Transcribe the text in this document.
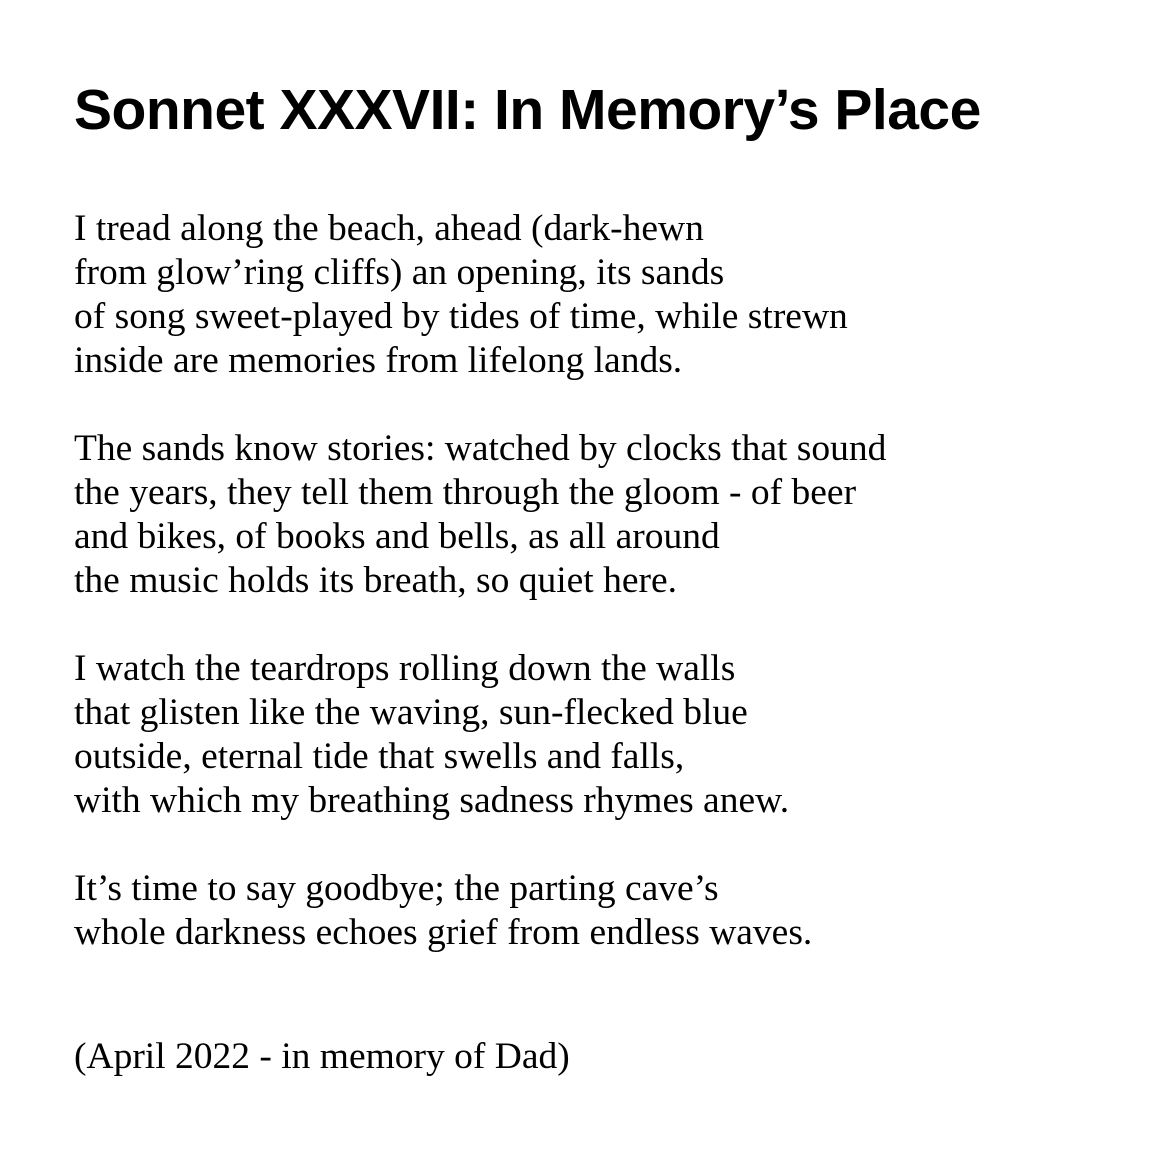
Sonnet XXXVII: In Memory’s Place

I tread along the beach, ahead (dark-hewn
from glow’ring cliffs) an opening, its sands
of song sweet-played by tides of time, while strewn
inside are memories from lifelong lands.

The sands know stories: watched by clocks that sound
the years, they tell them through the gloom - of beer
and bikes, of books and bells, as all around
the music holds its breath, so quiet here.

I watch the teardrops rolling down the walls
that glisten like the waving, sun-flecked blue
outside, eternal tide that swells and falls,
with which my breathing sadness rhymes anew.

It’s time to say goodbye; the parting cave’s
whole darkness echoes grief from endless waves.

(April 2022 - in memory of Dad)
